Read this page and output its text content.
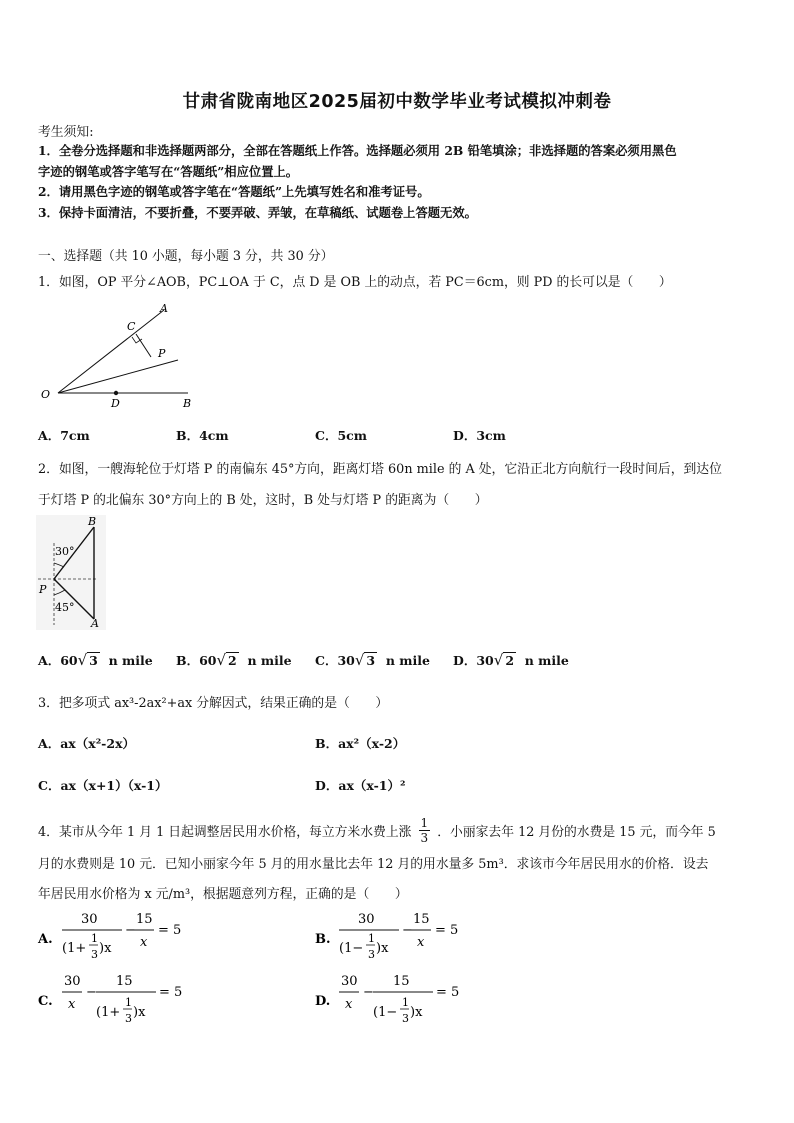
甘肃省陇南地区2025届初中数学毕业考试模拟冲刺卷
考生须知:
1．全卷分选择题和非选择题两部分，全部在答题纸上作答。选择题必须用 2B 铅笔填涂；非选择题的答案必须用黑色
字迹的钢笔或答字笔写在“答题纸”相应位置上。
2．请用黑色字迹的钢笔或答字笔在“答题纸”上先填写姓名和准考证号。
3．保持卡面清洁，不要折叠，不要弄破、弄皱，在草稿纸、试题卷上答题无效。
一、选择题（共 10 小题，每小题 3 分，共 30 分）
1．如图，OP 平分∠AOB，PC⊥OA 于 C，点 D 是 OB 上的动点，若 PC＝6cm，则 PD 的长可以是（　　）
A
C
P
O
D	B
A．7cm	B．4cm	C．5cm	D．3cm
2．如图，一艘海轮位于灯塔 P 的南偏东 45°方向，距离灯塔 60n mile 的 A 处，它沿正北方向航行一段时间后，到达位
于灯塔 P 的北偏东 30°方向上的 B 处，这时，B 处与灯塔 P 的距离为（　　）
B
30°
P
45°
A
A．60√ 3 n mile B．60√ 2 n mile C．30√ 3 n mile D．30√ 2 n mile
3．把多项式 ax³-2ax²+ax 分解因式，结果正确的是（　　）
A．ax（x²-2x）	B．ax²（x-2）
C．ax（x+1）（x-1）	D．ax（x-1）²
4．某市从今年 1 月 1 日起调整居民用水价格，每立方米水费上涨 $\frac{1}{3}$ ．小丽家去年 12 月份的水费是 15 元，而今年 5
月的水费则是 10 元．已知小丽家今年 5 月的用水量比去年 12 月的用水量多 5m³．求该市今年居民用水的价格．设去
年居民用水价格为 x 元/m³，根据题意列方程，正确的是（　　）
A.
30
(1+
1
3 )x
−
15
x
= 5
B.
30
(1−
1
3 )x
−
15
x
= 5
C.
30
x
−
15
(1+
1
3 )x
= 5
D.
30
x
−
15
(1−
1
3 )x
= 5
